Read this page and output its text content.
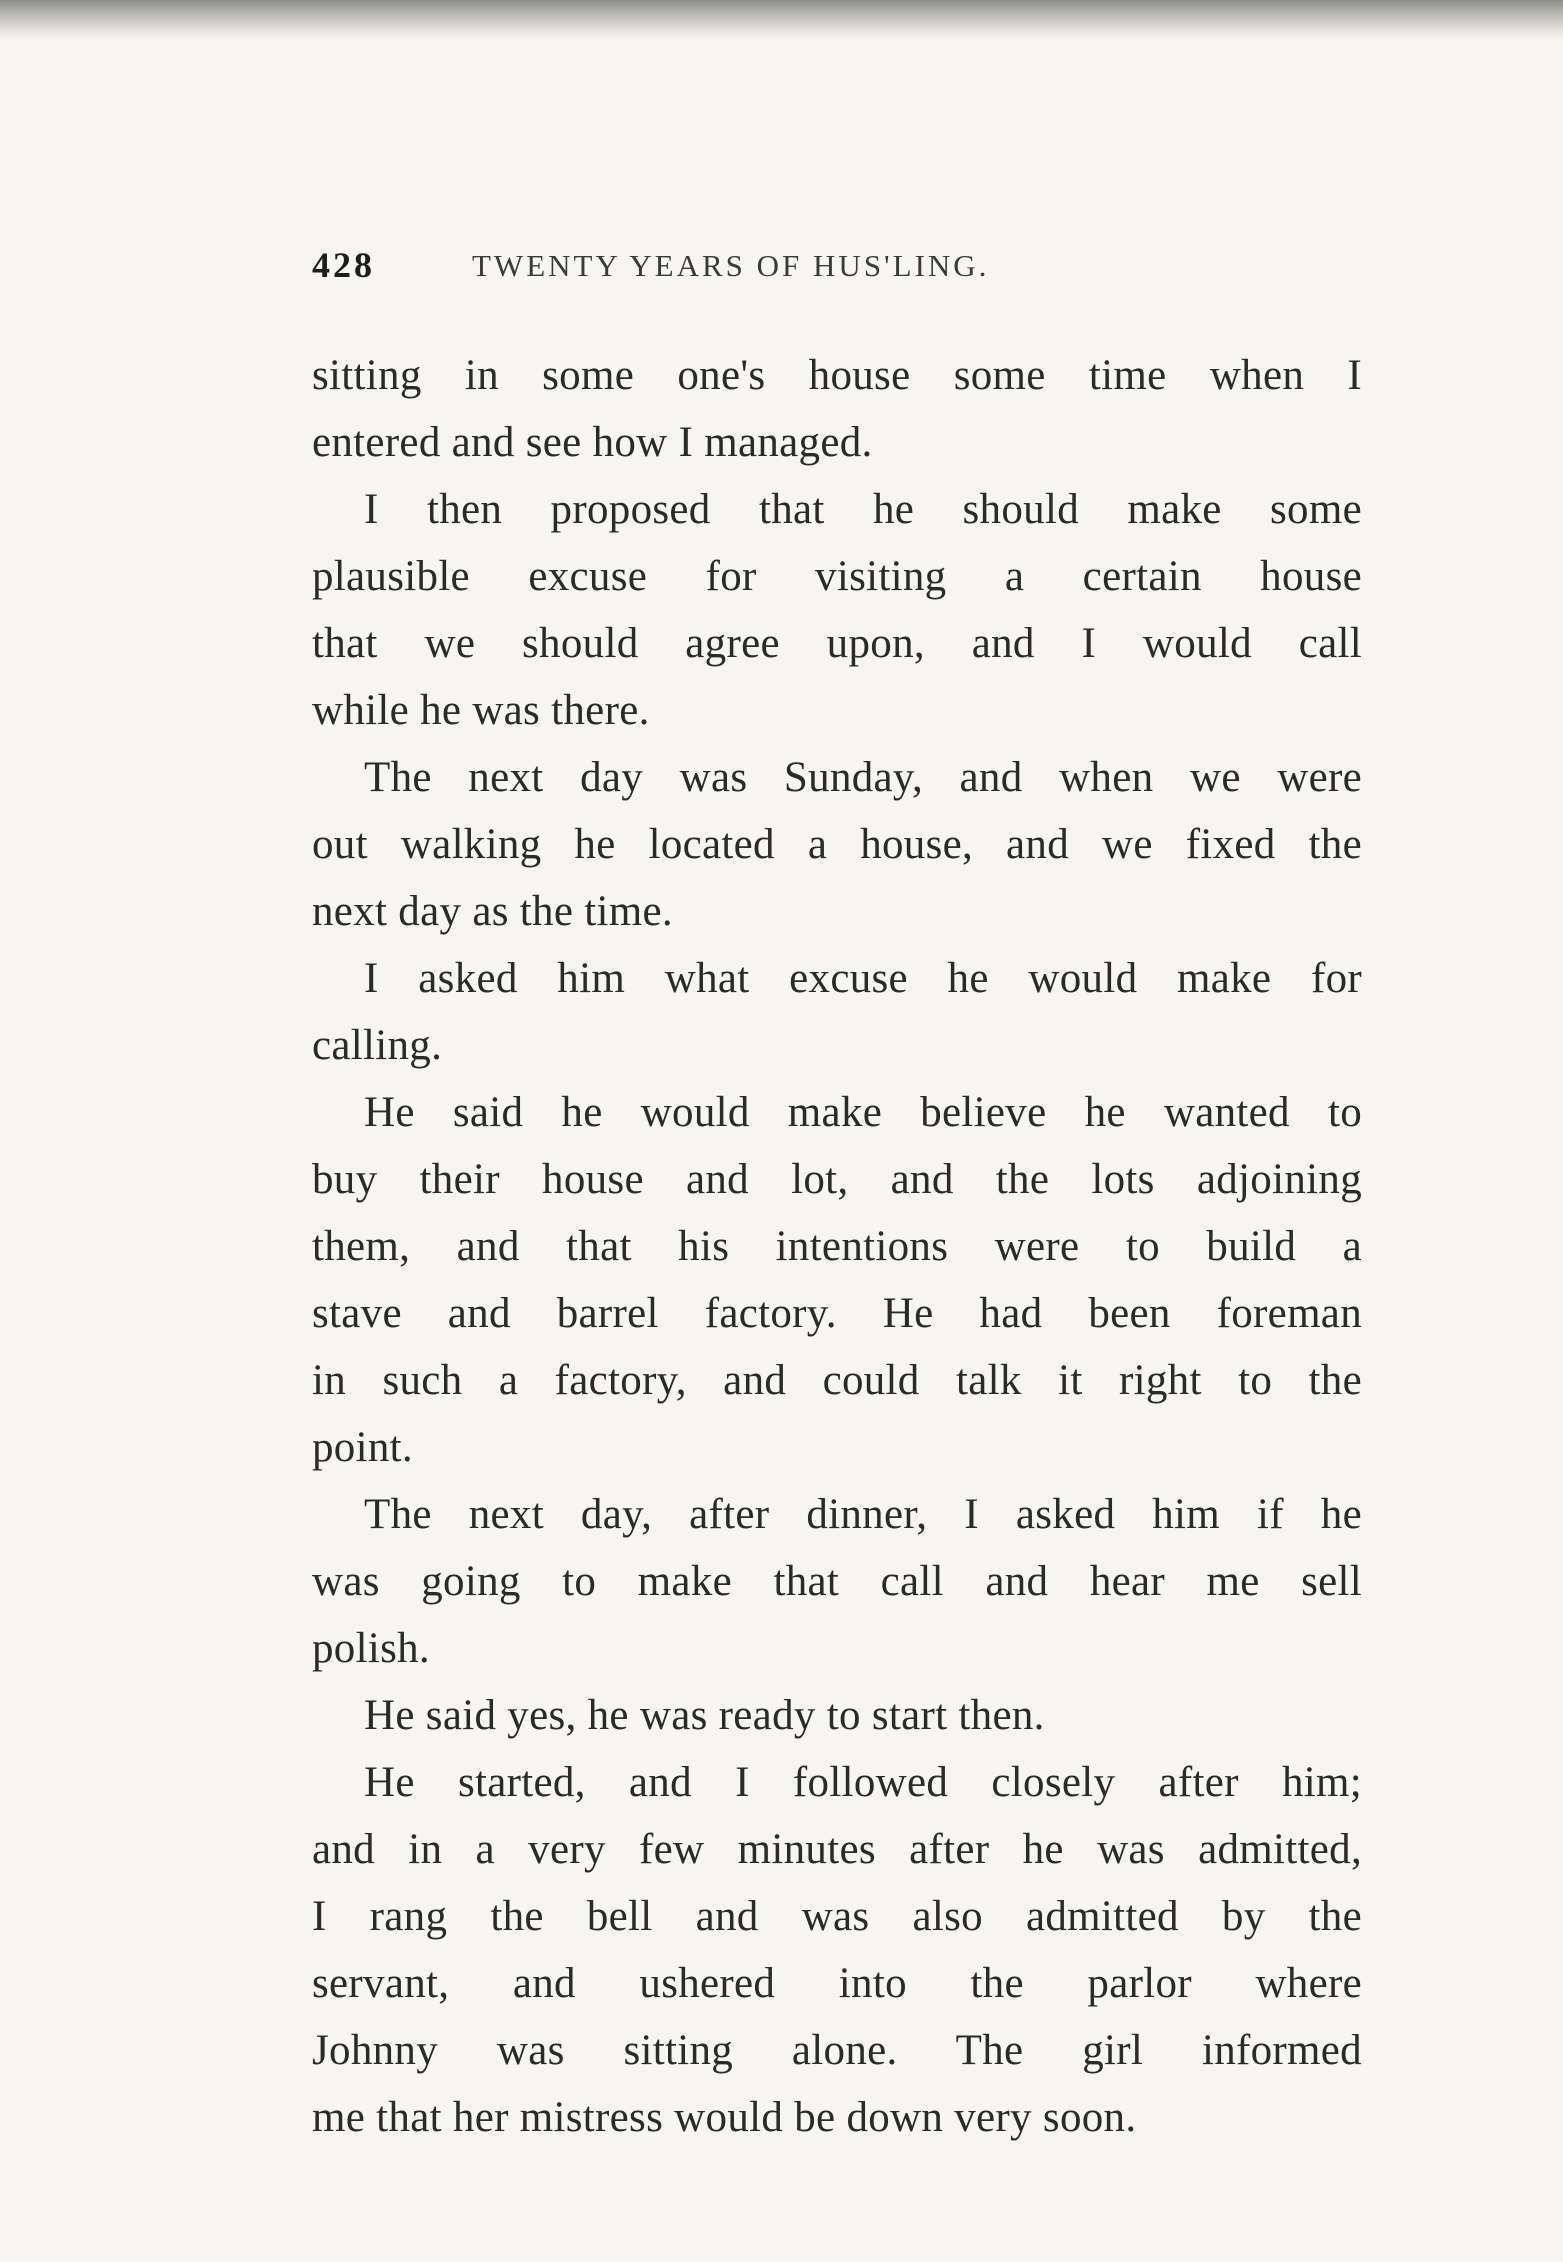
428	TWENTY YEARS OF HUS'LING.
sitting in some one's house some time when I
entered and see how I managed.
I then proposed that he should make some
plausible excuse for visiting a certain house
that we should agree upon, and I would call
while he was there.
The next day was Sunday, and when we were
out walking he located a house, and we fixed the
next day as the time.
I asked him what excuse he would make for
calling.
He said he would make believe he wanted to
buy their house and lot, and the lots adjoining
them, and that his intentions were to build a
stave and barrel factory. He had been foreman
in such a factory, and could talk it right to the
point.
The next day, after dinner, I asked him if he
was going to make that call and hear me sell
polish.
He said yes, he was ready to start then.
He started, and I followed closely after him;
and in a very few minutes after he was admitted,
I rang the bell and was also admitted by the
servant, and ushered into the parlor where
Johnny was sitting alone. The girl informed
me that her mistress would be down very soon.
